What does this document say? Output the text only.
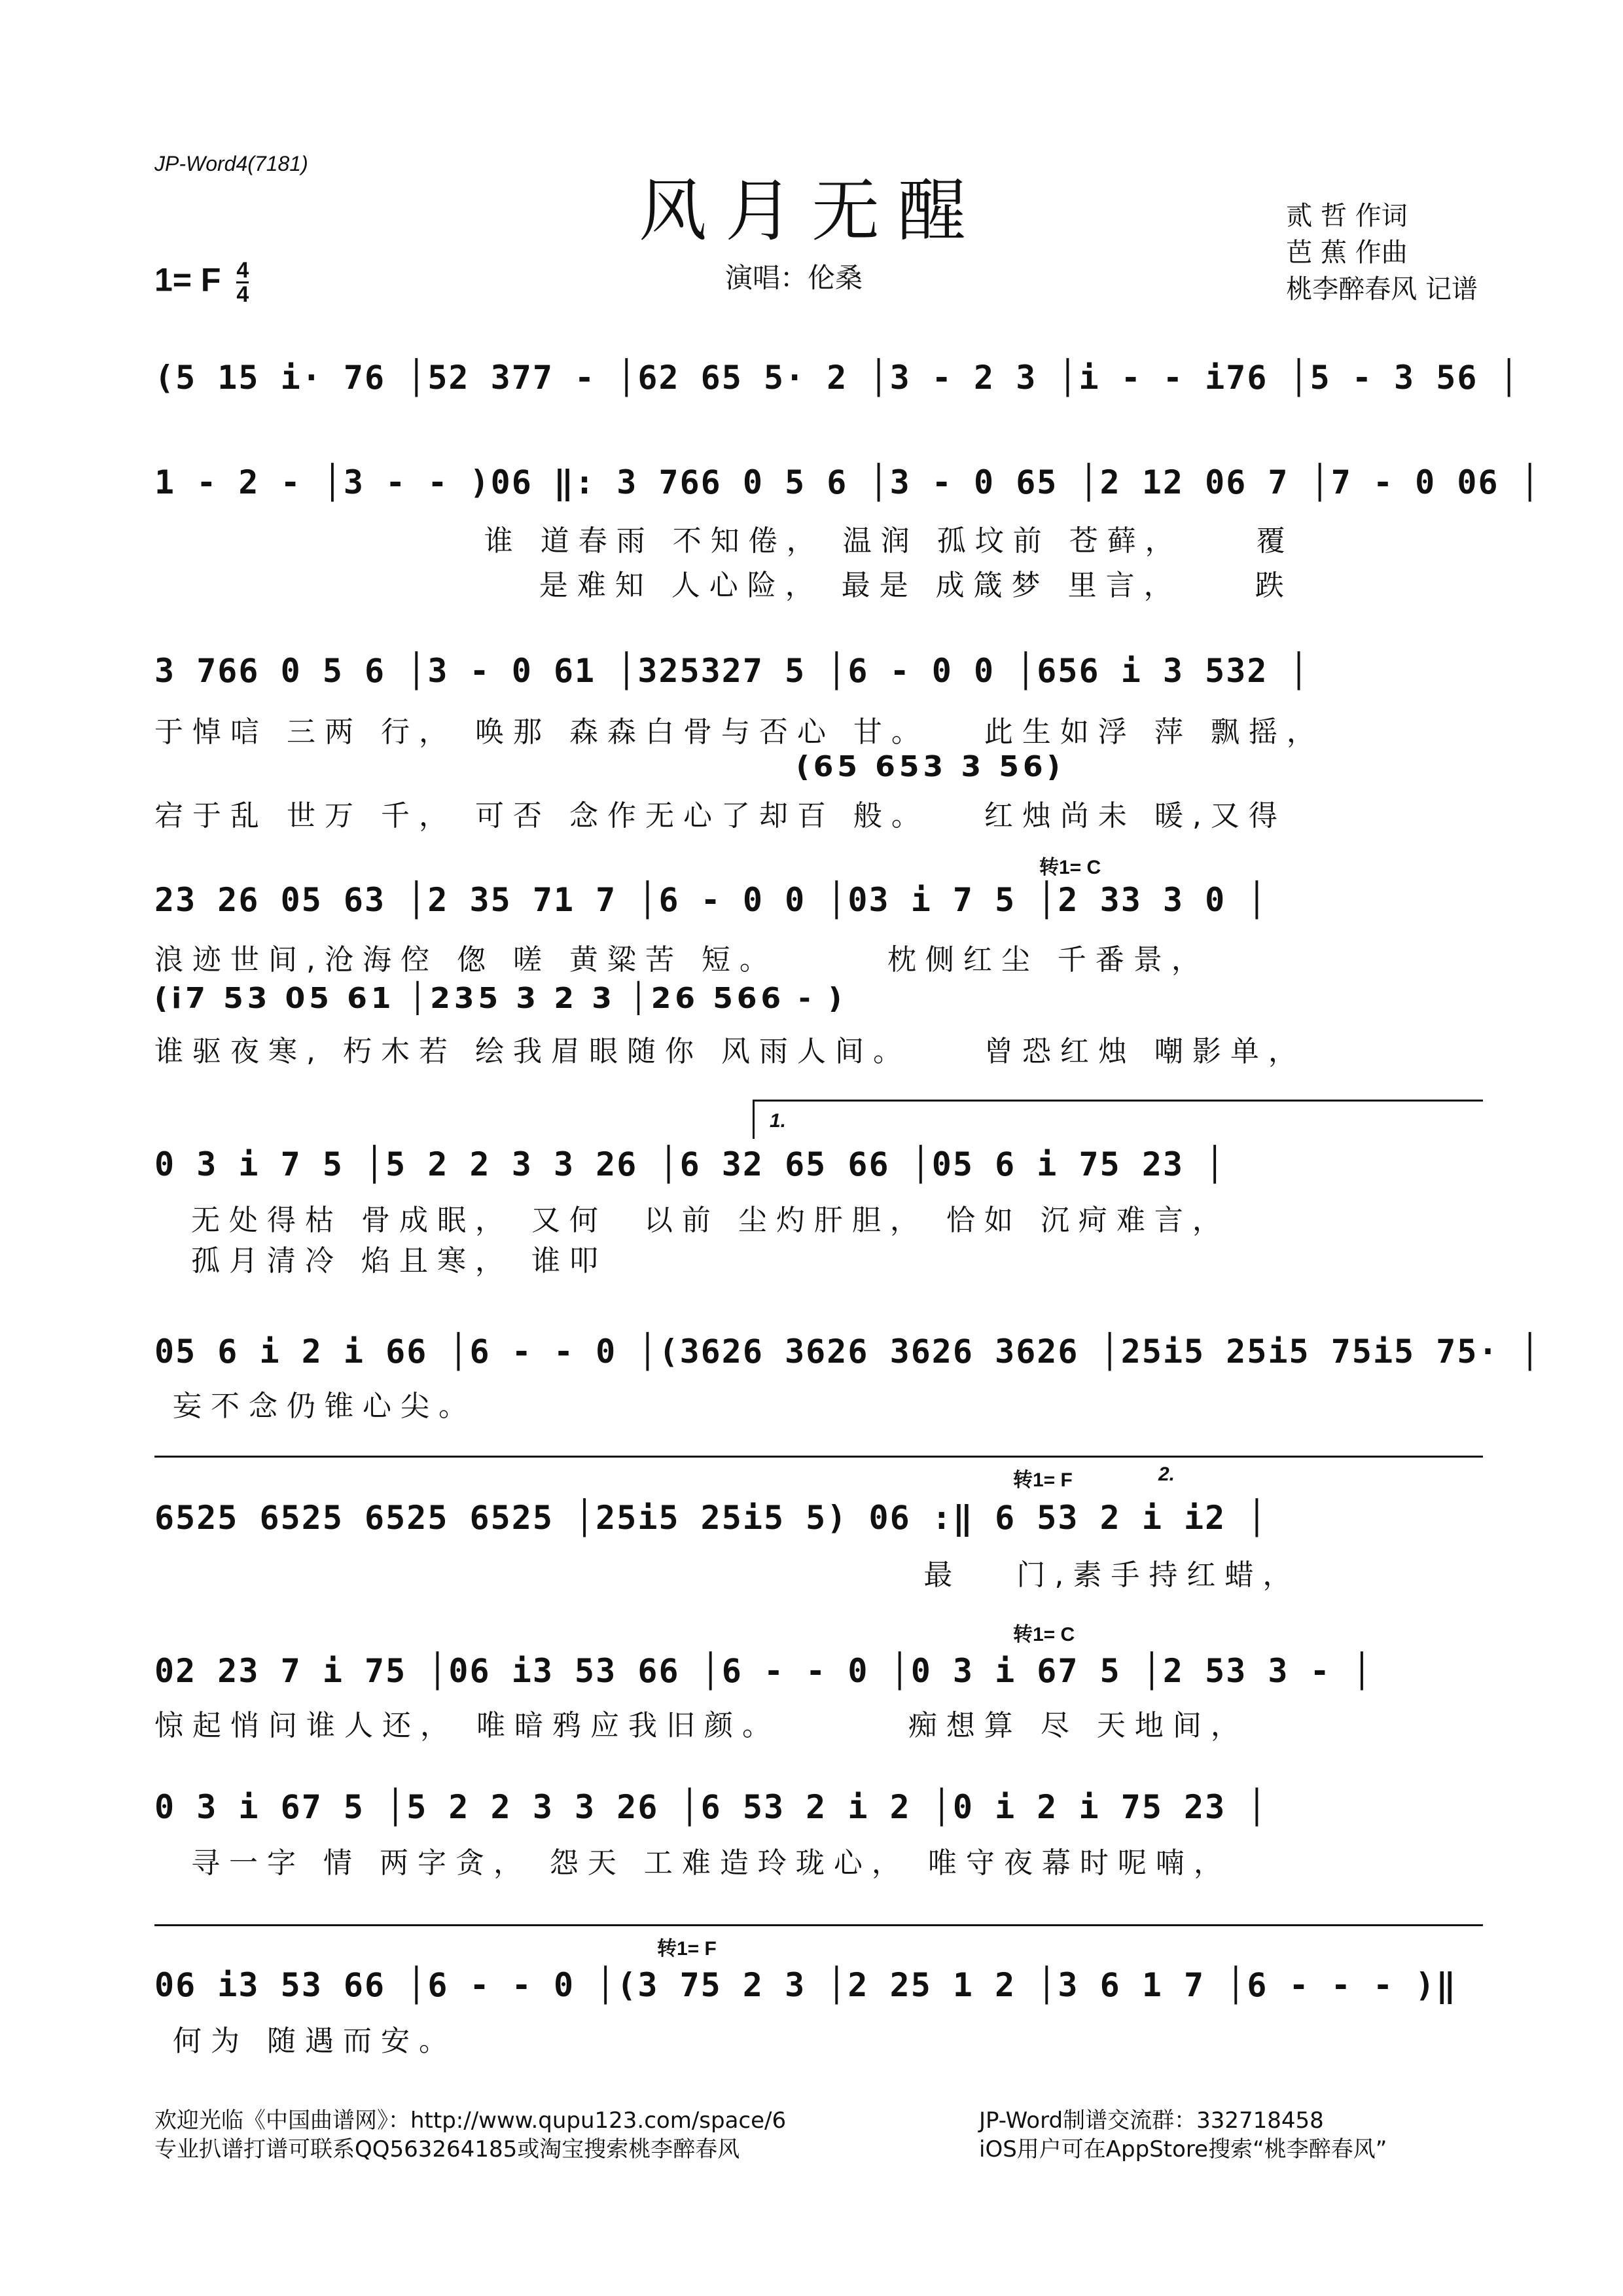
JP-Word4(7181)
风月无醒
演唱：伦桑
贰 哲 作词
芭 蕉 作曲
桃李醉春风 记谱
1= F $\frac{4}{4}$
(5 15 i· 76 │52 377 - │62 65 5· 2 │3 - 2 3 │i - - i76 │5 - 3 56 │
1 - 2 - │3 - - )06 ‖: 3 766 0 5 6 │3 - 0 65 │2 12 06 7 │7 - 0 06 │
谁 道春雨 不知倦， 温润 孤坟前 苍藓，    覆
是难知 人心险， 最是 成箴梦 里言，    跌
3 766 0 5 6 │3 - 0 61 │325327 5 │6 - 0 0 │656 i 3 532 │
于悼唁 三两 行， 唤那 森森白骨与否心 甘。   此生如浮 萍 飘摇，
(65 653 3 56)
宕于乱 世万 千， 可否 念作无心了却百 般。   红烛尚未 暖,又得
转1= C
23 26 05 63 │2 35 71 7 │6 - 0 0 │03 i 7 5 │2 33 3 0 │
浪迹世间,沧海倥 偬 嗟 黄粱苦 短。      枕侧红尘 千番景，
(i7 53 05 61 │235 3 2 3 │26 566 - )
谁驱夜寒, 朽木若 绘我眉眼随你 风雨人间。    曾恐红烛 嘲影单，
1.
0 3 i 7 5 │5 2 2 3 3 26 │6 32 65 66 │05 6 i 75 23 │
无处得枯 骨成眠， 又何  以前 尘灼肝胆， 恰如 沉疴难言，
孤月清冷 焰且寒， 谁叩
05 6 i 2 i 66 │6 - - 0 │(3626 3626 3626 3626 │25i5 25i5 75i5 75· │
妄不念仍锥心尖。
转1= F	2.
6525 6525 6525 6525 │25i5 25i5 5) 06 :‖ 6 53 2 i i2 │
最   门,素手持红蜡，
转1= C
02 23 7 i 75 │06 i3 53 66 │6 - - 0 │0 3 i 67 5 │2 53 3 - │
惊起悄问谁人还， 唯暗鸦应我旧颜。       痴想算 尽 天地间，
0 3 i 67 5 │5 2 2 3 3 26 │6 53 2 i 2 │0 i 2 i 75 23 │
寻一字 情 两字贪， 怨天 工难造玲珑心， 唯守夜幕时呢喃，
转1= F
06 i3 53 66 │6 - - 0 │(3 75 2 3 │2 25 1 2 │3 6 1 7 │6 - - - )‖
何为 随遇而安。
欢迎光临《中国曲谱网》：http://www.qupu123.com/space/6
专业扒谱打谱可联系QQ563264185或淘宝搜索桃李醉春风
JP-Word制谱交流群：332718458
iOS用户可在AppStore搜索“桃李醉春风”
